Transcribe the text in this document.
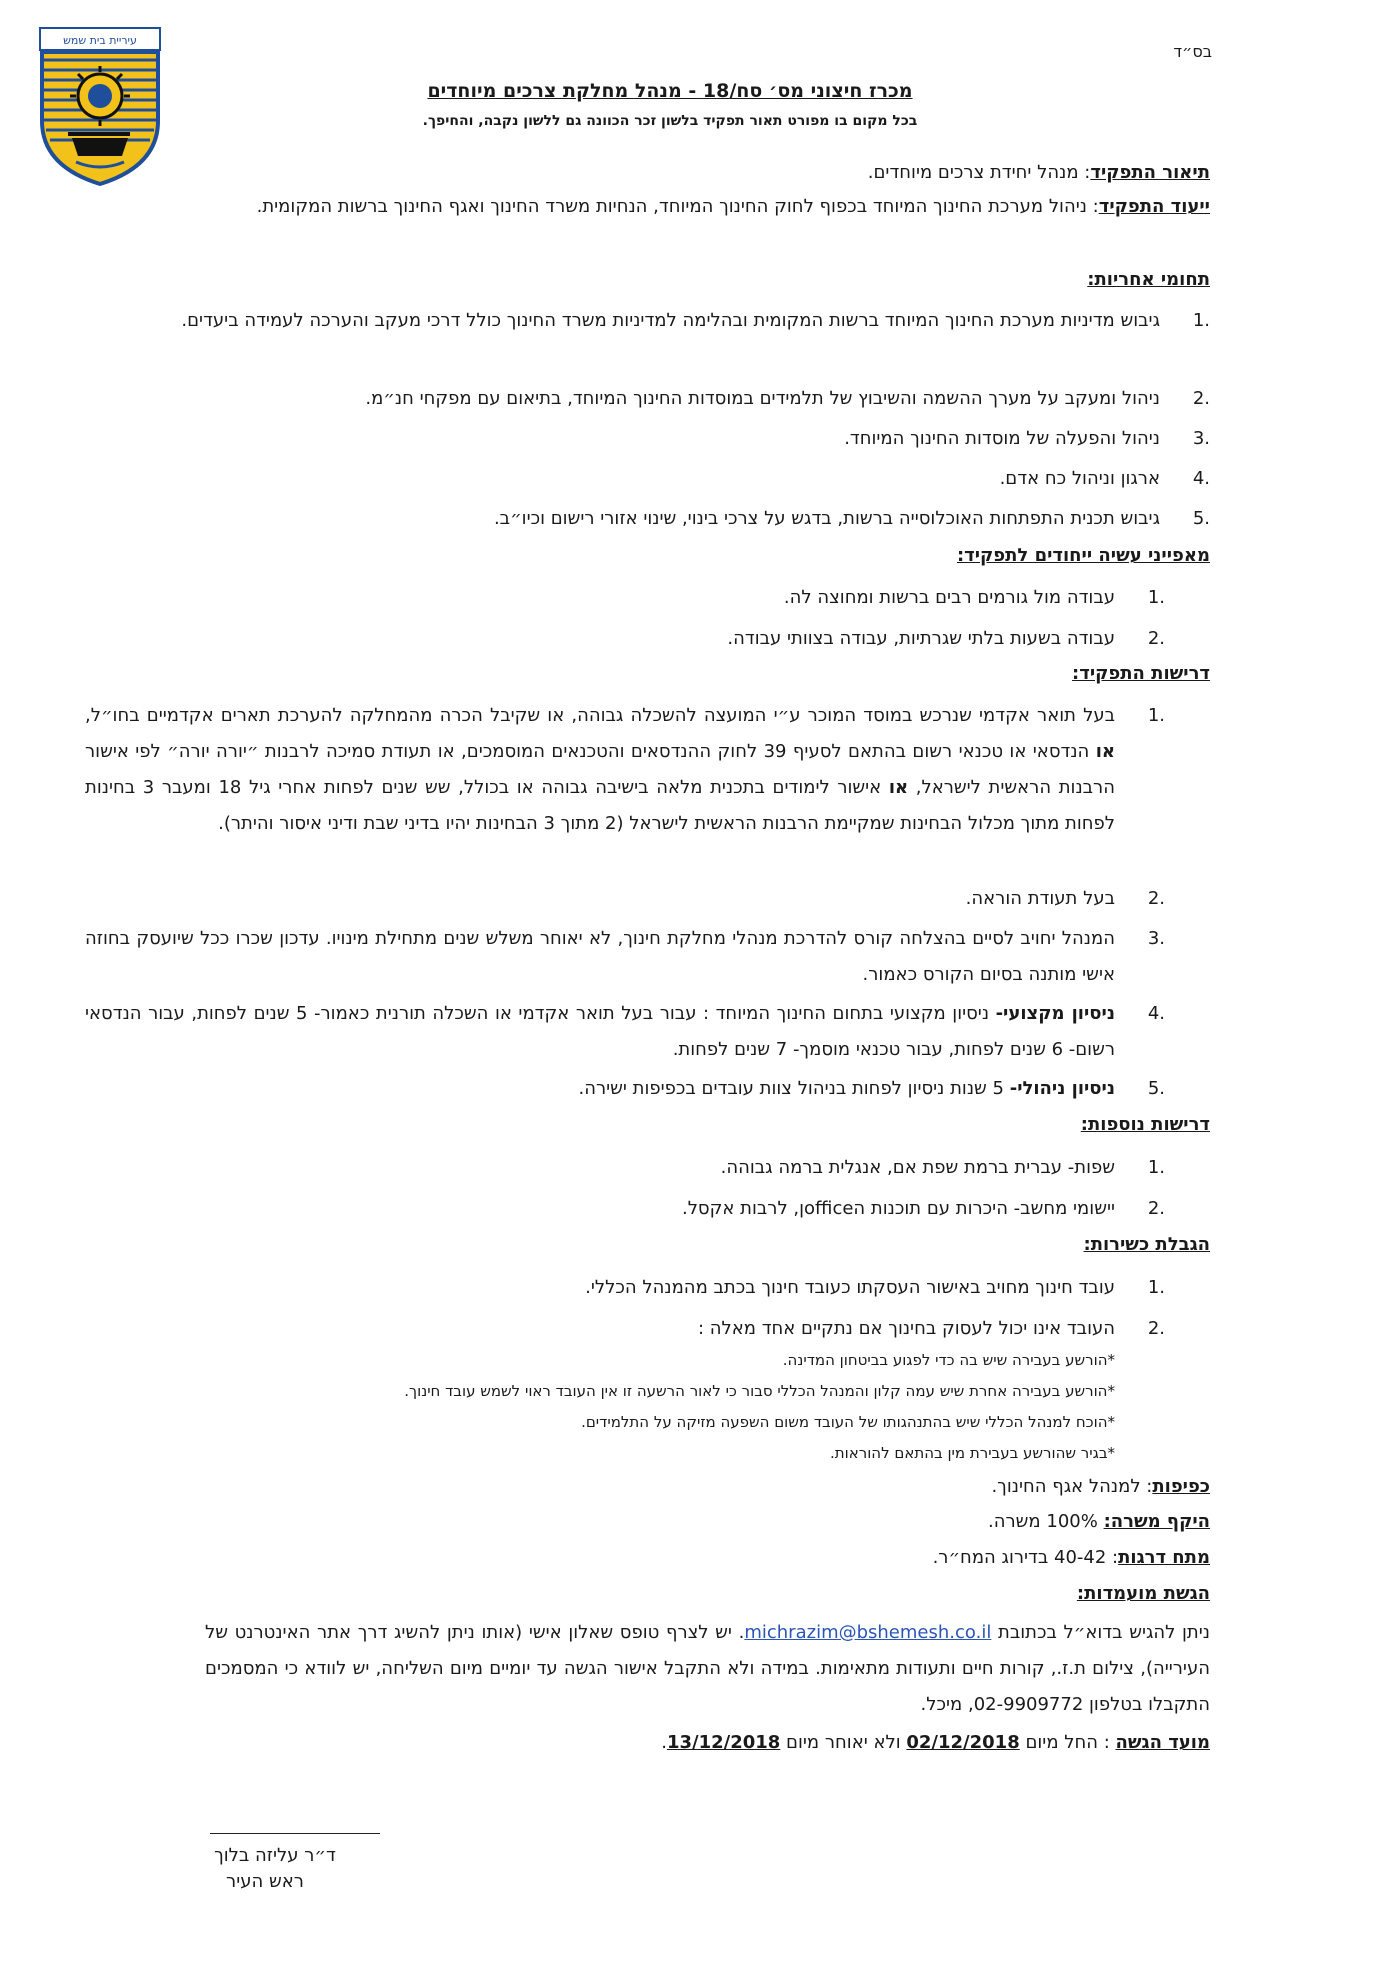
עיריית בית שמש
בס״ד
מכרז חיצוני מס׳ סח/18 - מנהל מחלקת צרכים מיוחדים
בכל מקום בו מפורט תאור תפקיד בלשון זכר הכוונה גם ללשון נקבה, והחיפך.
תיאור התפקיד: מנהל יחידת צרכים מיוחדים.
ייעוד התפקיד: ניהול מערכת החינוך המיוחד בכפוף לחוק החינוך המיוחד, הנחיות משרד החינוך ואגף החינוך ברשות המקומית.
תחומי אחריות:
1.
גיבוש מדיניות מערכת החינוך המיוחד ברשות המקומית ובהלימה למדיניות משרד החינוך כולל דרכי מעקב והערכה לעמידה ביעדים.
2.
ניהול ומעקב על מערך ההשמה והשיבוץ של תלמידים במוסדות החינוך המיוחד, בתיאום עם מפקחי חנ״מ.
3.
ניהול והפעלה של מוסדות החינוך המיוחד.
4.
ארגון וניהול כח אדם.
5.
גיבוש תכנית התפתחות האוכלוסייה ברשות, בדגש על צרכי בינוי, שינוי אזורי רישום וכיו״ב.
מאפייני עשיה ייחודים לתפקיד:
1.
עבודה מול גורמים רבים ברשות ומחוצה לה.
2.
עבודה בשעות בלתי שגרתיות, עבודה בצוותי עבודה.
דרישות התפקיד:
1.
בעל תואר אקדמי שנרכש במוסד המוכר ע״י המועצה להשכלה גבוהה, או שקיבל הכרה מהמחלקה להערכת תארים אקדמיים בחו״ל, או הנדסאי או טכנאי רשום בהתאם לסעיף 39 לחוק ההנדסאים והטכנאים המוסמכים, או תעודת סמיכה לרבנות ״יורה יורה״ לפי אישור הרבנות הראשית לישראל, או אישור לימודים בתכנית מלאה בישיבה גבוהה או בכולל, שש שנים לפחות אחרי גיל 18 ומעבר 3 בחינות לפחות מתוך מכלול הבחינות שמקיימת הרבנות הראשית לישראל (2 מתוך 3 הבחינות יהיו בדיני שבת ודיני איסור והיתר).
2.
בעל תעודת הוראה.
3.
המנהל יחויב לסיים בהצלחה קורס להדרכת מנהלי מחלקת חינוך, לא יאוחר משלש שנים מתחילת מינויו. עדכון שכרו ככל שיועסק בחוזה אישי מותנה בסיום הקורס כאמור.
4.
ניסיון מקצועי- ניסיון מקצועי בתחום החינוך המיוחד : עבור בעל תואר אקדמי או השכלה תורנית כאמור- 5 שנים לפחות, עבור הנדסאי רשום- 6 שנים לפחות, עבור טכנאי מוסמך- 7 שנים לפחות.
5.
ניסיון ניהולי- 5 שנות ניסיון לפחות בניהול צוות עובדים בכפיפות ישירה.
דרישות נוספות:
1.
שפות- עברית ברמת שפת אם, אנגלית ברמה גבוהה.
2.
יישומי מחשב- היכרות עם תוכנות הofficeן, לרבות אקסל.
הגבלת כשירות:
1.
עובד חינוך מחויב באישור העסקתו כעובד חינוך בכתב מהמנהל הכללי.
2.
העובד אינו יכול לעסוק בחינוך אם נתקיים אחד מאלה :
*הורשע בעבירה שיש בה כדי לפגוע בביטחון המדינה.
*הורשע בעבירה אחרת שיש עמה קלון והמנהל הכללי סבור כי לאור הרשעה זו אין העובד ראוי לשמש עובד חינוך.
*הוכח למנהל הכללי שיש בהתנהגותו של העובד משום השפעה מזיקה על התלמידים.
*בגיר שהורשע בעבירת מין בהתאם להוראות.
כפיפות: למנהל אגף החינוך.
היקף משרה: 100% משרה.
מתח דרגות: 40-42 בדירוג המח״ר.
הגשת מועמדות:
ניתן להגיש בדוא״ל בכתובת michrazim@bshemesh.co.il. יש לצרף טופס שאלון אישי (אותו ניתן להשיג דרך אתר האינטרנט של העירייה), צילום ת.ז., קורות חיים ותעודות מתאימות. במידה ולא התקבל אישור הגשה עד יומיים מיום השליחה, יש לוודא כי המסמכים התקבלו בטלפון 02-9909772, מיכל.
מועד הגשה : החל מיום 02/12/2018 ולא יאוחר מיום 13/12/2018.
ד״ר עליזה בלוך
ראש העיר
